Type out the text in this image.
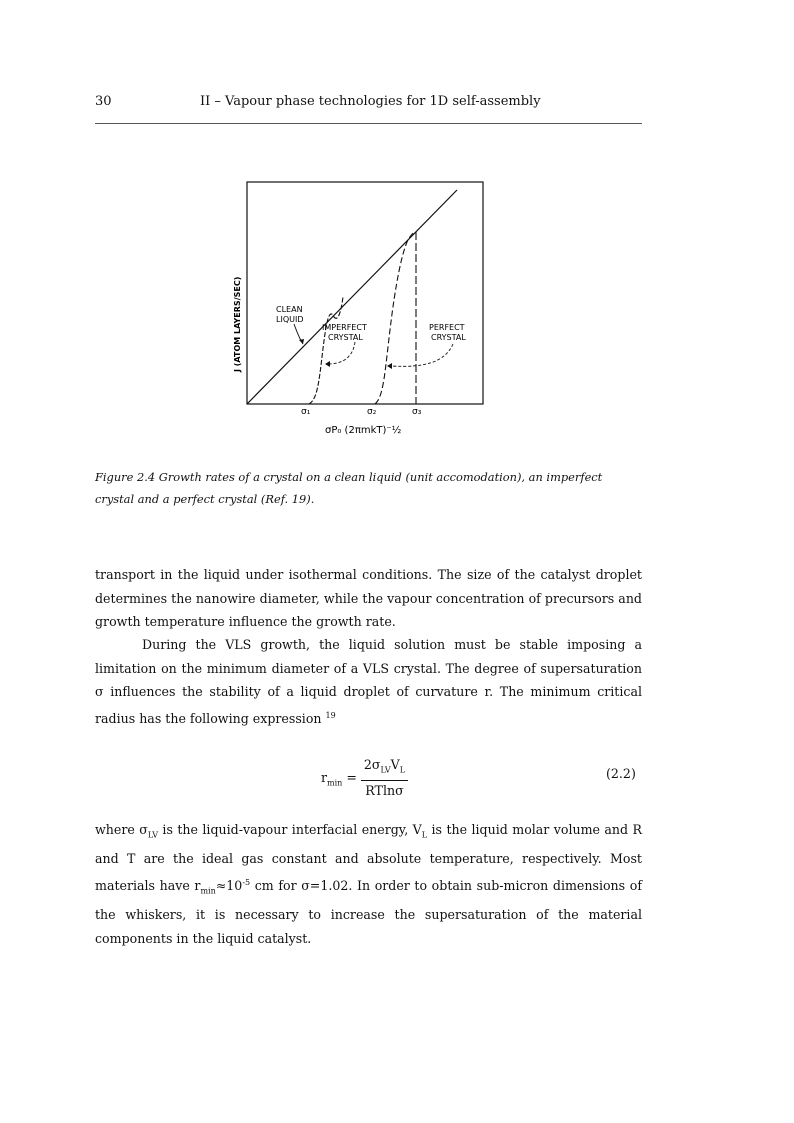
30	II – Vapour phase technologies for 1D self-assembly
J (ATOM LAYERS/SEC)	CLEAN
LIQUID
IMPERFECT
CRYSTAL
PERFECT
CRYSTAL
σ₁	σ₂	σ₃
σP₀ (2πmkT)⁻½
Figure 2.4 Growth rates of a crystal on a clean liquid (unit accomodation), an imperfect crystal and a perfect crystal (Ref. 19).
transport in the liquid under isothermal conditions. The size of the catalyst droplet determines the nanowire diameter, while the vapour concentration of precursors and growth temperature influence the growth rate.
During the VLS growth, the liquid solution must be stable imposing a limitation on the minimum diameter of a VLS crystal. The degree of supersaturation σ influences the stability of a liquid droplet of curvature r. The minimum critical radius has the following expression $^{19}$
$r_{min} = \frac{2\sigma_{LV}V_L}{RTln\sigma}$	(2.2)
where $\sigma_{LV}$ is the liquid-vapour interfacial energy, $V_L$ is the liquid molar volume and R and T are the ideal gas constant and absolute temperature, respectively. Most materials have $r_{min}\approx 10^{-5}$ cm for σ=1.02. In order to obtain sub-micron dimensions of the whiskers, it is necessary to increase the supersaturation of the material components in the liquid catalyst.
